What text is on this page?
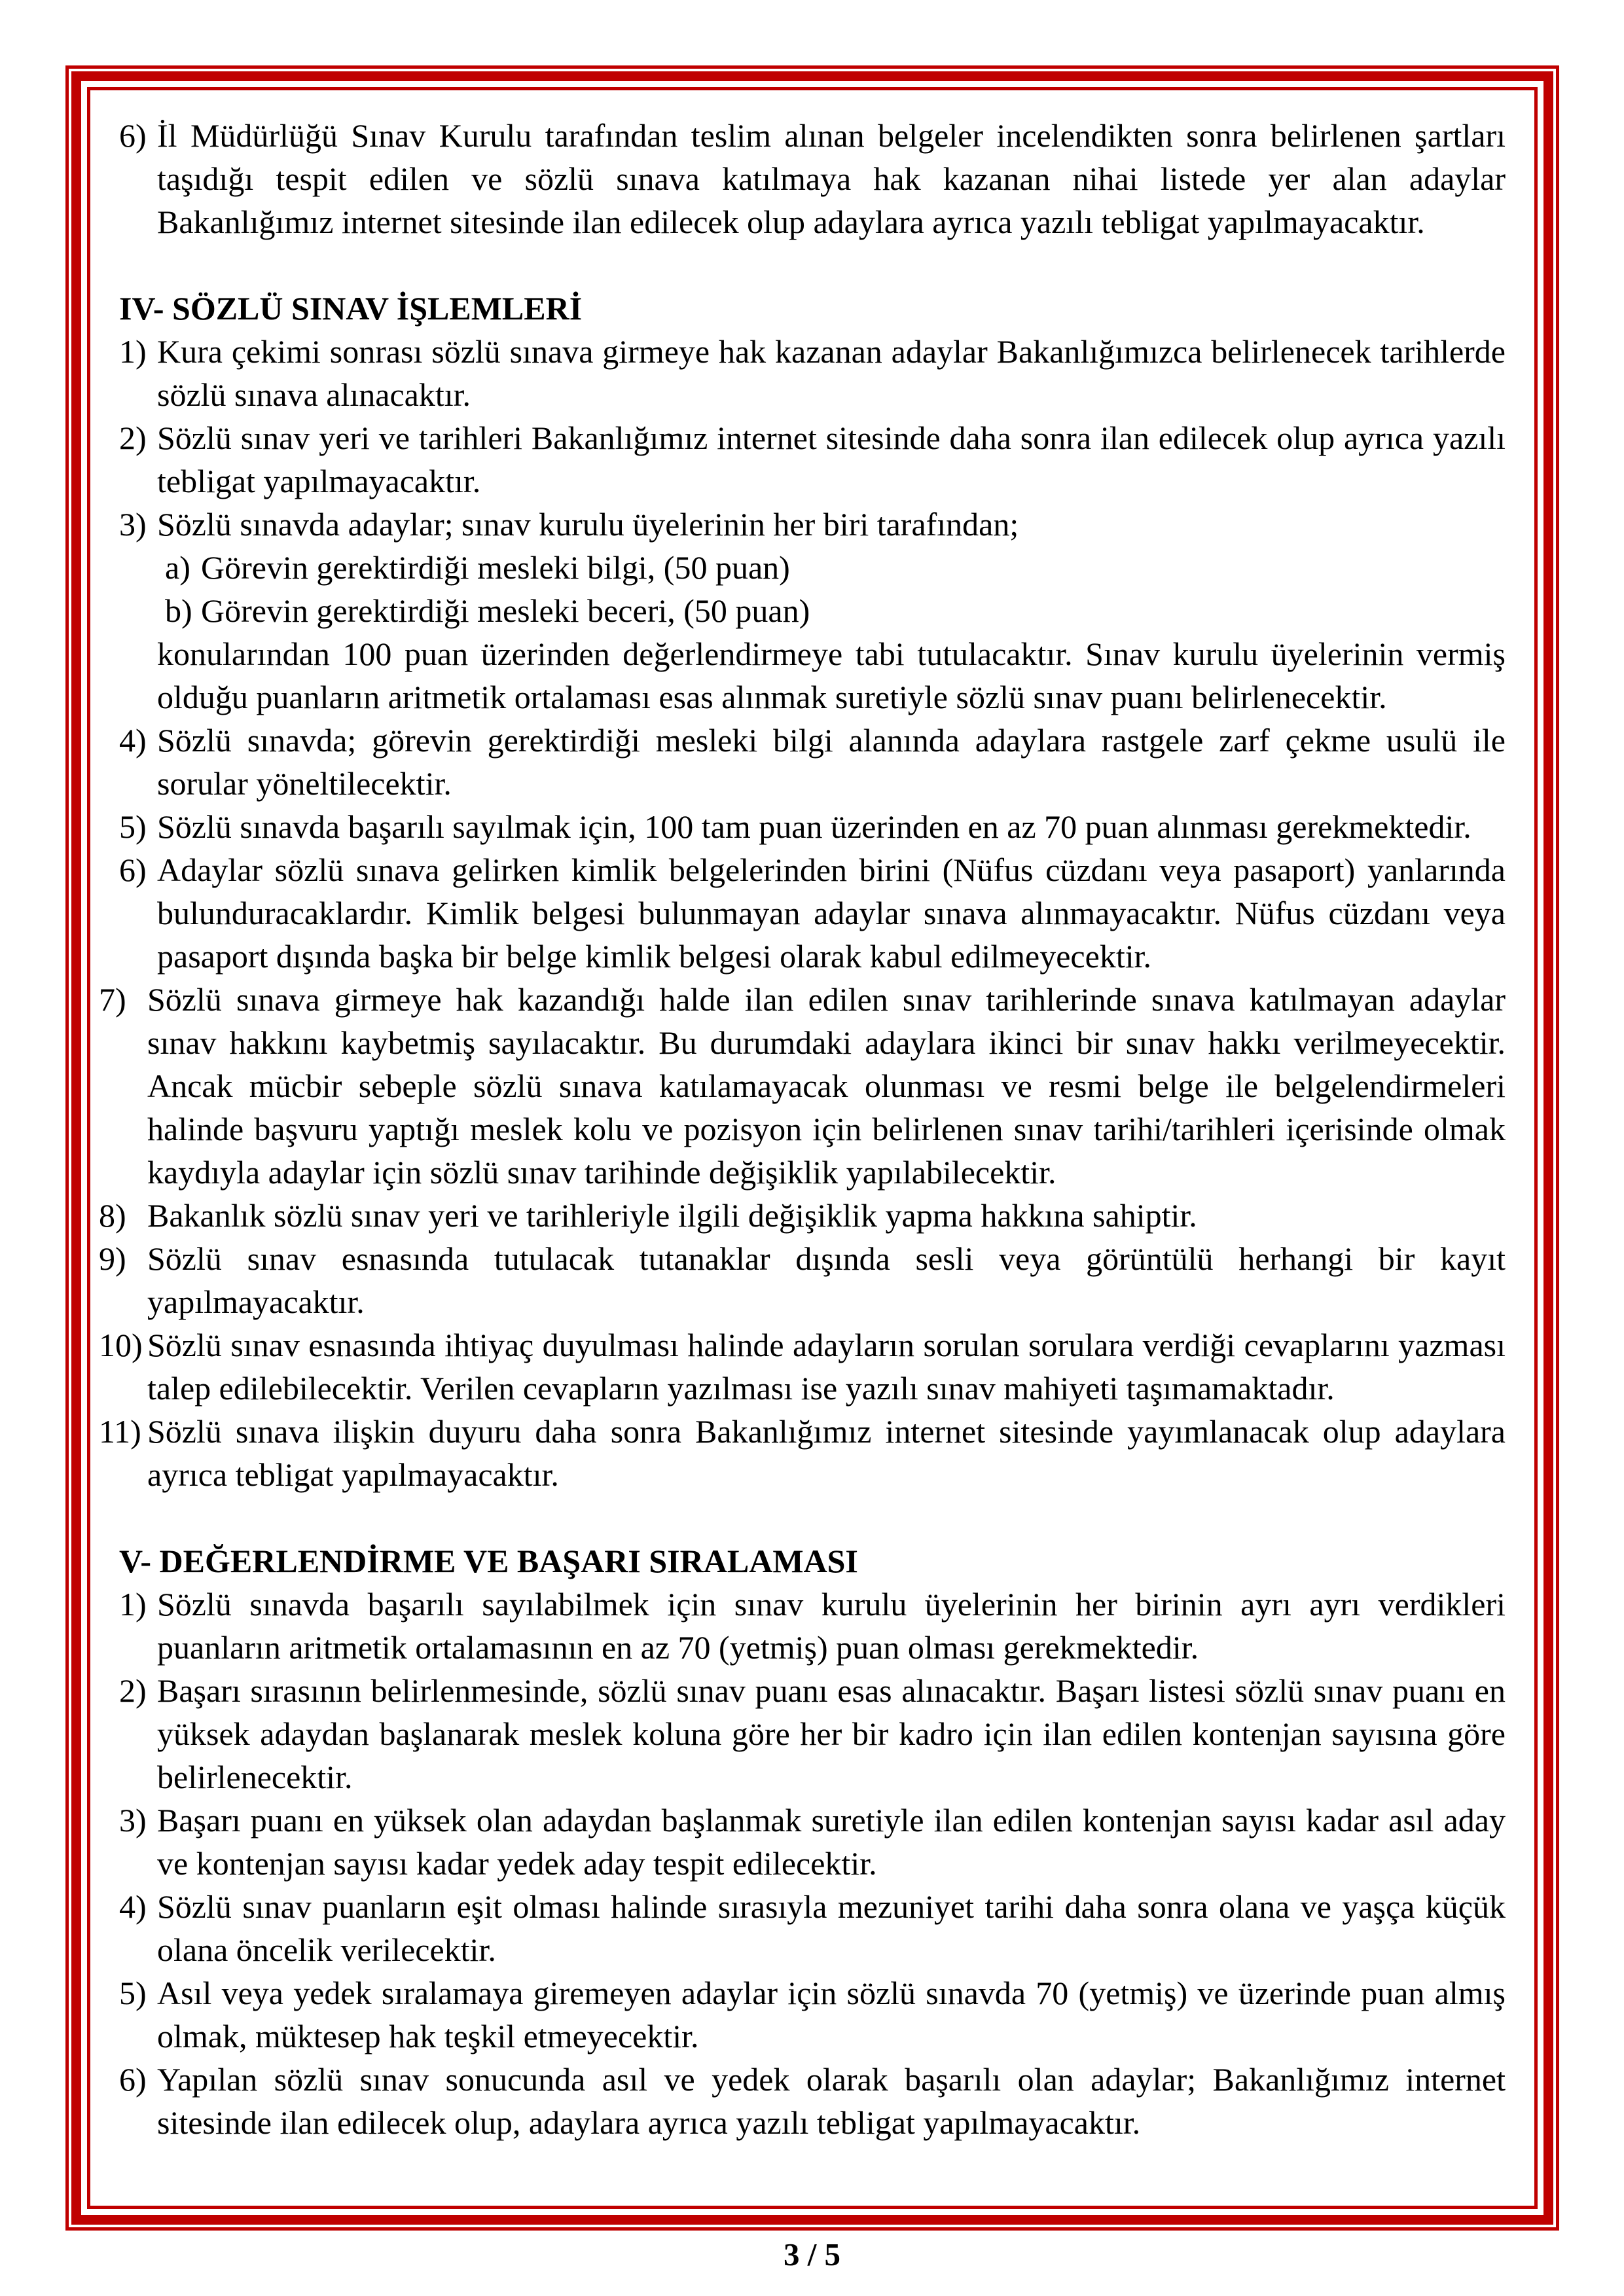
6) İl Müdürlüğü Sınav Kurulu tarafından teslim alınan belgeler incelendikten sonra belirlenen şartları taşıdığı tespit edilen ve sözlü sınava katılmaya hak kazanan nihai listede yer alan adaylar Bakanlığımız internet sitesinde ilan edilecek olup adaylara ayrıca yazılı tebligat yapılmayacaktır.
IV- SÖZLÜ SINAV İŞLEMLERİ
1) Kura çekimi sonrası sözlü sınava girmeye hak kazanan adaylar Bakanlığımızca belirlenecek tarihlerde sözlü sınava alınacaktır.
2) Sözlü sınav yeri ve tarihleri Bakanlığımız internet sitesinde daha sonra ilan edilecek olup ayrıca yazılı tebligat yapılmayacaktır.
3) Sözlü sınavda adaylar; sınav kurulu üyelerinin her biri tarafından;
a) Görevin gerektirdiği mesleki bilgi, (50 puan)
b) Görevin gerektirdiği mesleki beceri, (50 puan)
konularından 100 puan üzerinden değerlendirmeye tabi tutulacaktır. Sınav kurulu üyelerinin vermiş olduğu puanların aritmetik ortalaması esas alınmak suretiyle sözlü sınav puanı belirlenecektir.
4) Sözlü sınavda; görevin gerektirdiği mesleki bilgi alanında adaylara rastgele zarf çekme usulü ile sorular yöneltilecektir.
5) Sözlü sınavda başarılı sayılmak için, 100 tam puan üzerinden en az 70 puan alınması gerekmektedir.
6) Adaylar sözlü sınava gelirken kimlik belgelerinden birini (Nüfus cüzdanı veya pasaport) yanlarında bulunduracaklardır. Kimlik belgesi bulunmayan adaylar sınava alınmayacaktır. Nüfus cüzdanı veya pasaport dışında başka bir belge kimlik belgesi olarak kabul edilmeyecektir.
7) Sözlü sınava girmeye hak kazandığı halde ilan edilen sınav tarihlerinde sınava katılmayan adaylar sınav hakkını kaybetmiş sayılacaktır. Bu durumdaki adaylara ikinci bir sınav hakkı verilmeyecektir. Ancak mücbir sebeple sözlü sınava katılamayacak olunması ve resmi belge ile belgelendirmeleri halinde başvuru yaptığı meslek kolu ve pozisyon için belirlenen sınav tarihi/tarihleri içerisinde olmak kaydıyla adaylar için sözlü sınav tarihinde değişiklik yapılabilecektir.
8) Bakanlık sözlü sınav yeri ve tarihleriyle ilgili değişiklik yapma hakkına sahiptir.
9) Sözlü sınav esnasında tutulacak tutanaklar dışında sesli veya görüntülü herhangi bir kayıt yapılmayacaktır.
10) Sözlü sınav esnasında ihtiyaç duyulması halinde adayların sorulan sorulara verdiği cevaplarını yazması talep edilebilecektir. Verilen cevapların yazılması ise yazılı sınav mahiyeti taşımamaktadır.
11) Sözlü sınava ilişkin duyuru daha sonra Bakanlığımız internet sitesinde yayımlanacak olup adaylara ayrıca tebligat yapılmayacaktır.
V- DEĞERLENDİRME VE BAŞARI SIRALAMASI
1) Sözlü sınavda başarılı sayılabilmek için sınav kurulu üyelerinin her birinin ayrı ayrı verdikleri puanların aritmetik ortalamasının en az 70 (yetmiş) puan olması gerekmektedir.
2) Başarı sırasının belirlenmesinde, sözlü sınav puanı esas alınacaktır. Başarı listesi sözlü sınav puanı en yüksek adaydan başlanarak meslek koluna göre her bir kadro için ilan edilen kontenjan sayısına göre belirlenecektir.
3) Başarı puanı en yüksek olan adaydan başlanmak suretiyle ilan edilen kontenjan sayısı kadar asıl aday ve kontenjan sayısı kadar yedek aday tespit edilecektir.
4) Sözlü sınav puanların eşit olması halinde sırasıyla mezuniyet tarihi daha sonra olana ve yaşça küçük olana öncelik verilecektir.
5) Asıl veya yedek sıralamaya giremeyen adaylar için sözlü sınavda 70 (yetmiş) ve üzerinde puan almış olmak, müktesep hak teşkil etmeyecektir.
6) Yapılan sözlü sınav sonucunda asıl ve yedek olarak başarılı olan adaylar; Bakanlığımız internet sitesinde ilan edilecek olup, adaylara ayrıca yazılı tebligat yapılmayacaktır.
3 / 5
